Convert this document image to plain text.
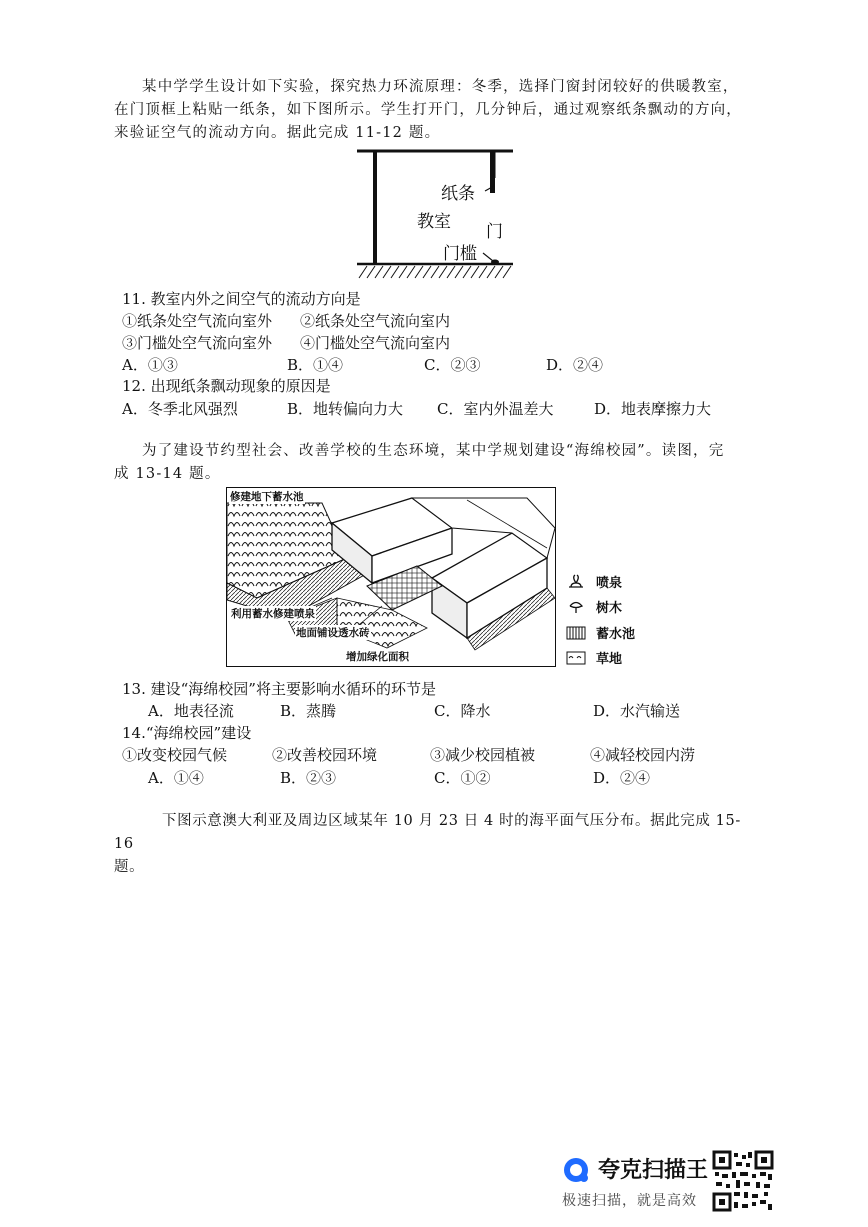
某中学学生设计如下实验，探究热力环流原理：冬季，选择门窗封闭较好的供暖教室，
在门顶框上粘贴一纸条，如下图所示。学生打开门，几分钟后，通过观察纸条飘动的方向，
来验证空气的流动方向。据此完成 11-12 题。
纸条
教室 门
门槛
11. 教室内外之间空气的流动方向是
①纸条处空气流向室外 ②纸条处空气流向室内
③门槛处空气流向室外 ④门槛处空气流向室内
A．①③	B．①④	C．②③	D．②④
12. 出现纸条飘动现象的原因是
A．冬季北风强烈	B．地转偏向力大 C．室内外温差大	D．地表摩擦力大
为了建设节约型社会、改善学校的生态环境，某中学规划建设“海绵校园”。读图，完
成 13-14 题。
修建地下蓄水池
利用蓄水修建喷泉
地面铺设透水砖
增加绿化面积
喷泉
树木
蓄水池
草地
13. 建设“海绵校园”将主要影响水循环的环节是
A．地表径流	B．蒸腾	C．降水	D．水汽输送
14.“海绵校园”建设
①改变校园气候	②改善校园环境	③减少校园植被	④减轻校园内涝
A．①④	B．②③	C．①②	D．②④
下图示意澳大利亚及周边区域某年 10 月 23 日 4 时的海平面气压分布。据此完成 15-16
题。
夸克扫描王
极速扫描，就是高效
